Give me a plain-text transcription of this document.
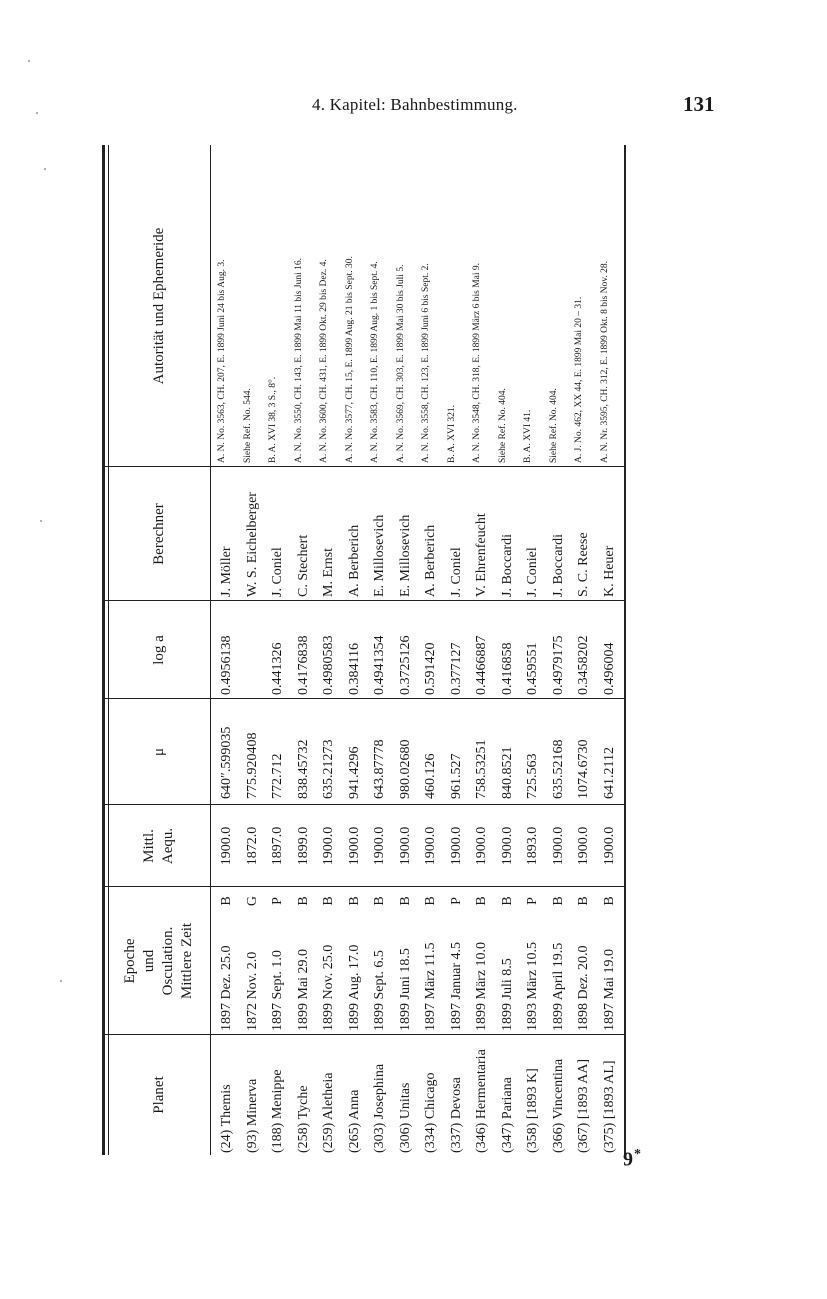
4. Kapitel: Bahnbestimmung.	131
Planet
Epoche und Osculation. Mittlere Zeit
Mittl. Aequ.
μ
log a
Berechner
Autorität und Ephemeride
(24) Themis
1897 Dez. 25.0
B
1900.0
640″.599035
0.4956138
J. Möller
A. N. No. 3563, CH. 207, E. 1899 Juni 24 bis Aug. 3.
(93) Minerva
1872 Nov. 2.0
G
1872.0
775.920408
W. S. Eichelberger
Siehe Ref. No. 544.
(188) Menippe
1897 Sept. 1.0
P
1897.0
772.712
0.441326
J. Coniel
B. A. XVI 38, 3 S., 8°.
(258) Tyche
1899 Mai 29.0
B
1899.0
838.45732
0.4176838
C. Stechert
A. N. No. 3550, CH. 143, E. 1899 Mai 11 bis Juni 16.
(259) Aletheia
1899 Nov. 25.0
B
1900.0
635.21273
0.4980583
M. Ernst
A. N. No. 3600, CH. 431, E. 1899 Okt. 29 bis Dez. 4.
(265) Anna
1899 Aug. 17.0
B
1900.0
941.4296
0.384116
A. Berberich
A. N. No. 3577, CH. 15, E. 1899 Aug. 21 bis Sept. 30.
(303) Josephina
1899 Sept. 6.5
B
1900.0
643.87778
0.4941354
E. Millosevich
A. N. No. 3583, CH. 110, E. 1899 Aug. 1 bis Sept. 4.
(306) Unitas
1899 Juni 18.5
B
1900.0
980.02680
0.3725126
E. Millosevich
A. N. No. 3569, CH. 303, E. 1899 Mai 30 bis Juli 5.
(334) Chicago
1897 März 11.5
B
1900.0
460.126
0.591420
A. Berberich
A. N. No. 3558, CH. 123, E. 1899 Juni 6 bis Sept. 2.
(337) Devosa
1897 Januar 4.5
P
1900.0
961.527
0.377127
J. Coniel
B. A. XVI 321.
(346) Hermentaria
1899 März 10.0
B
1900.0
758.53251
0.4466887
V. Ehrenfeucht
A. N. No. 3548, CH. 318, E. 1899 März 6 bis Mai 9.
(347) Pariana
1899 Juli 8.5
B
1900.0
840.8521
0.416858
J. Boccardi
Siehe Ref. No. 404.
(358) [1893 K]
1893 März 10.5
P
1893.0
725.563
0.459551
J. Coniel
B. A. XVI 41.
(366) Vincentina
1899 April 19.5
B
1900.0
635.52168
0.4979175
J. Boccardi
Siehe Ref. No. 404.
(367) [1893 AA]
1898 Dez. 20.0
B
1900.0
1074.6730
0.3458202
S. C. Reese
A. J. No. 462, XX 44, E. 1899 Mai 20 – 31.
(375) [1893 AL]
1897 Mai 19.0
B
1900.0
641.2112
0.496004
K. Heuer
A. N. Nr. 3595, CH. 312, E. 1899 Okt. 8 bis Nov. 28.
9*
